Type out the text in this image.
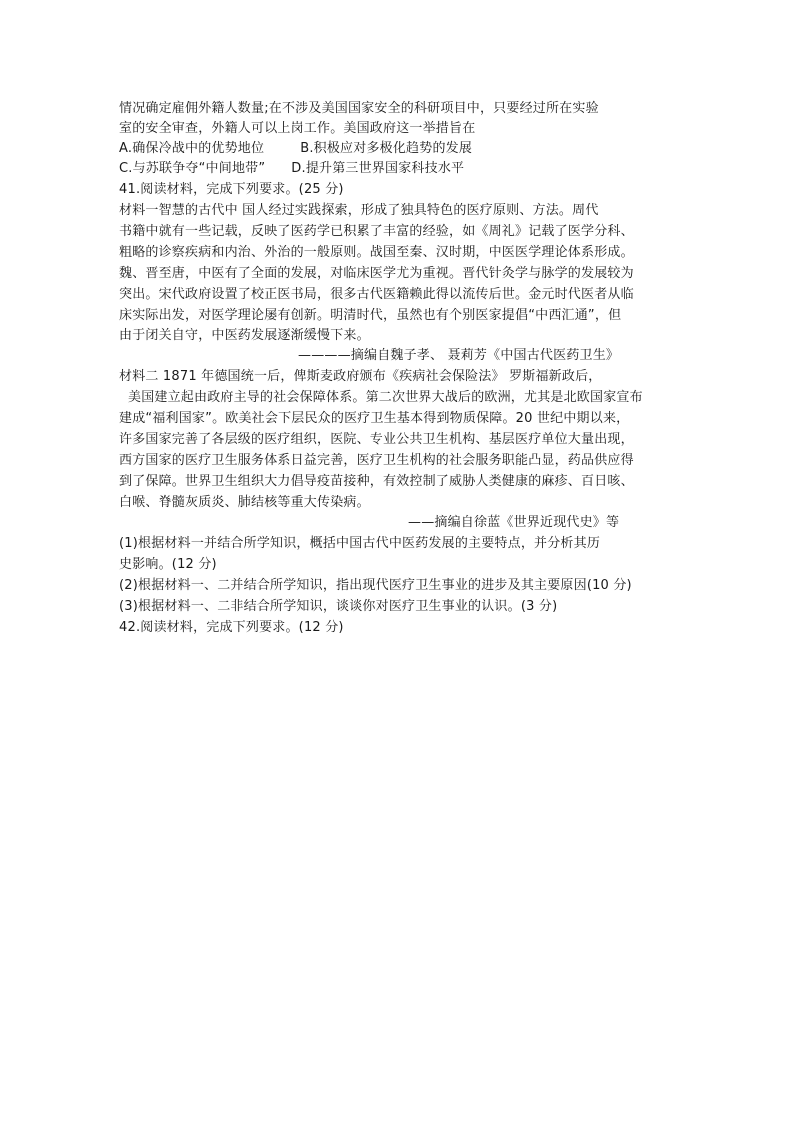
情况确定雇佣外籍人数量;在不涉及美国国家安全的科研项目中，只要经过所在实验
室的安全审查，外籍人可以上岗工作。美国政府这一举措旨在
A.确保冷战中的优势地位	B.积极应对多极化趋势的发展
C.与苏联争夺“中间地带” D.提升第三世界国家科技水平
41.阅读材料，完成下列要求。(25 分)
材料一智慧的古代中 国人经过实践探索，形成了独具特色的医疗原则、方法。周代
书籍中就有一些记载，反映了医药学已积累了丰富的经验，如《周礼》记载了医学分科、
粗略的诊察疾病和内治、外治的一般原则。战国至秦、汉时期，中医医学理论体系形成。
魏、晋至唐，中医有了全面的发展，对临床医学尤为重视。晋代针灸学与脉学的发展较为
突出。宋代政府设置了校正医书局，很多古代医籍赖此得以流传后世。金元时代医者从临
床实际出发，对医学理论屡有创新。明清时代，虽然也有个别医家提倡“中西汇通”，但
由于闭关自守，中医药发展逐渐缓慢下来。
————摘编自魏子孝、 聂莉芳《中国古代医药卫生》
材料二 1871 年德国统一后，俾斯麦政府颁布《疾病社会保险法》 罗斯福新政后，
美国建立起由政府主导的社会保障体系。第二次世界大战后的欧洲，尤其是北欧国家宣布
建成“福利国家”。欧美社会下层民众的医疗卫生基本得到物质保障。20 世纪中期以来，
许多国家完善了各层级的医疗组织，医院、专业公共卫生机构、基层医疗单位大量出现，
西方国家的医疗卫生服务体系日益完善，医疗卫生机构的社会服务职能凸显，药品供应得
到了保障。世界卫生组织大力倡导疫苗接种，有效控制了威胁人类健康的麻疹、百日咳、
白喉、脊髓灰质炎、肺结核等重大传染病。
——摘编自徐蓝《世界近现代史》等
(1)根据材料一并结合所学知识，概括中国古代中医药发展的主要特点，并分析其历
史影响。(12 分)
(2)根据材料一、二并结合所学知识，指出现代医疗卫生事业的进步及其主要原因(10 分)
(3)根据材料一、二非结合所学知识，谈谈你对医疗卫生事业的认识。(3 分)
42.阅读材料，完成下列要求。(12 分)
